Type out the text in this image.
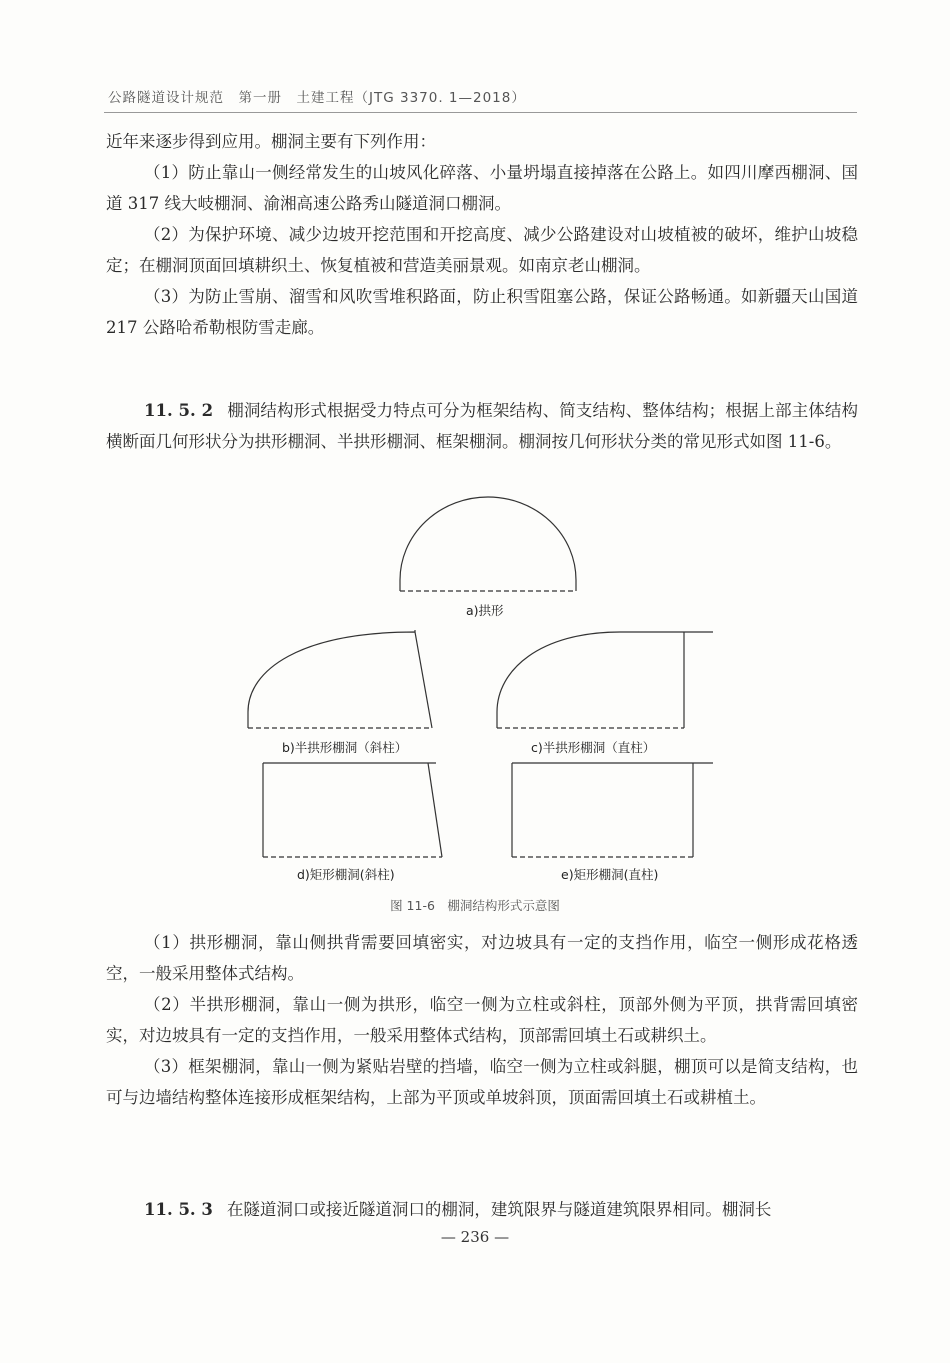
公路隧道设计规范　第一册　土建工程（JTG 3370. 1—2018）

近年来逐步得到应用。棚洞主要有下列作用：

（1）防止靠山一侧经常发生的山坡风化碎落、小量坍塌直接掉落在公路上。如四川摩西棚洞、国道 317 线大岐棚洞、渝湘高速公路秀山隧道洞口棚洞。

（2）为保护环境、减少边坡开挖范围和开挖高度、减少公路建设对山坡植被的破坏，维护山坡稳定；在棚洞顶面回填耕织土、恢复植被和营造美丽景观。如南京老山棚洞。

（3）为防止雪崩、溜雪和风吹雪堆积路面，防止积雪阻塞公路，保证公路畅通。如新疆天山国道 217 公路哈希勒根防雪走廊。

11. 5. 2 棚洞结构形式根据受力特点可分为框架结构、简支结构、整体结构；根据上部主体结构横断面几何形状分为拱形棚洞、半拱形棚洞、框架棚洞。棚洞按几何形状分类的常见形式如图 11-6。
a)拱形
b)半拱形棚洞（斜柱）	c)半拱形棚洞（直柱）
d)矩形棚洞(斜柱)	e)矩形棚洞(直柱)
图 11-6　棚洞结构形式示意图

（1）拱形棚洞，靠山侧拱背需要回填密实，对边坡具有一定的支挡作用，临空一侧形成花格透空，一般采用整体式结构。

（2）半拱形棚洞，靠山一侧为拱形，临空一侧为立柱或斜柱，顶部外侧为平顶，拱背需回填密实，对边坡具有一定的支挡作用，一般采用整体式结构，顶部需回填土石或耕织土。

（3）框架棚洞，靠山一侧为紧贴岩壁的挡墙，临空一侧为立柱或斜腿，棚顶可以是简支结构，也可与边墙结构整体连接形成框架结构，上部为平顶或单坡斜顶，顶面需回填土石或耕植土。

11. 5. 3 在隧道洞口或接近隧道洞口的棚洞，建筑限界与隧道建筑限界相同。棚洞长
— 236 —
